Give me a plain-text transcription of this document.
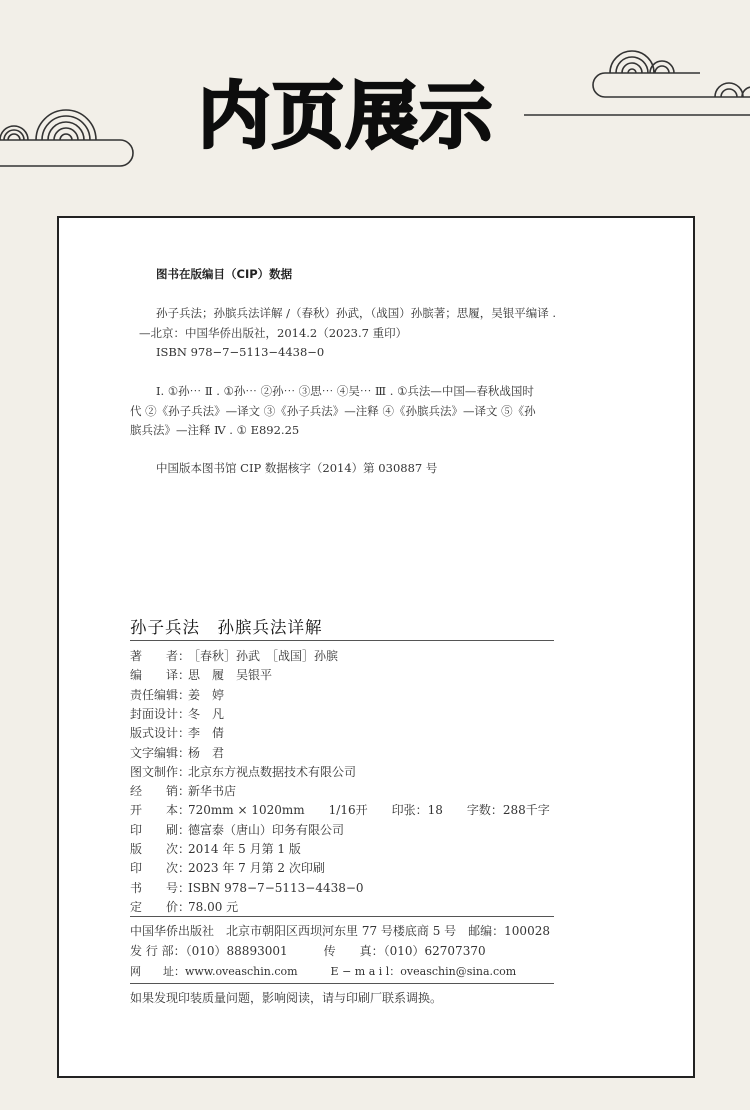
内页展示
图书在版编目（CIP）数据
孙子兵法；孙膑兵法详解 /（春秋）孙武，（战国）孙膑著；思履，吴银平编译 .
—北京：中国华侨出版社，2014.2（2023.7 重印）
ISBN 978−7−5113−4438−0
I. ①孙⋯ Ⅱ . ①孙⋯ ②孙⋯ ③思⋯ ④吴⋯ Ⅲ . ①兵法—中国—春秋战国时
代 ②《孙子兵法》—译文 ③《孙子兵法》—注释 ④《孙膑兵法》—译文 ⑤《孙
膑兵法》—注释 Ⅳ . ① E892.25
中国版本图书馆 CIP 数据核字（2014）第 030887 号
孙子兵法　孙膑兵法详解
著　　者：［春秋］孙武　［战国］孙膑
编　　译：思　履　吴银平
责任编辑：姜　婷
封面设计：冬　凡
版式设计：李　倩
文字编辑：杨　君
图文制作：北京东方视点数据技术有限公司
经　　销：新华书店
开　　本：720mm × 1020mm　　1/16开　　印张：18　　字数：288千字
印　　刷：德富泰（唐山）印务有限公司
版　　次：2014 年 5 月第 1 版
印　　次：2023 年 7 月第 2 次印刷
书　　号：ISBN 978−7−5113−4438−0
定　　价：78.00 元
中国华侨出版社　北京市朝阳区西坝河东里 77 号楼底商 5 号　邮编：100028
发 行 部：（010）88893001　　　传　　真：（010）62707370
网　　址：www.oveaschin.com　　　E − m a i l：oveaschin@sina.com
如果发现印装质量问题，影响阅读，请与印刷厂联系调换。
